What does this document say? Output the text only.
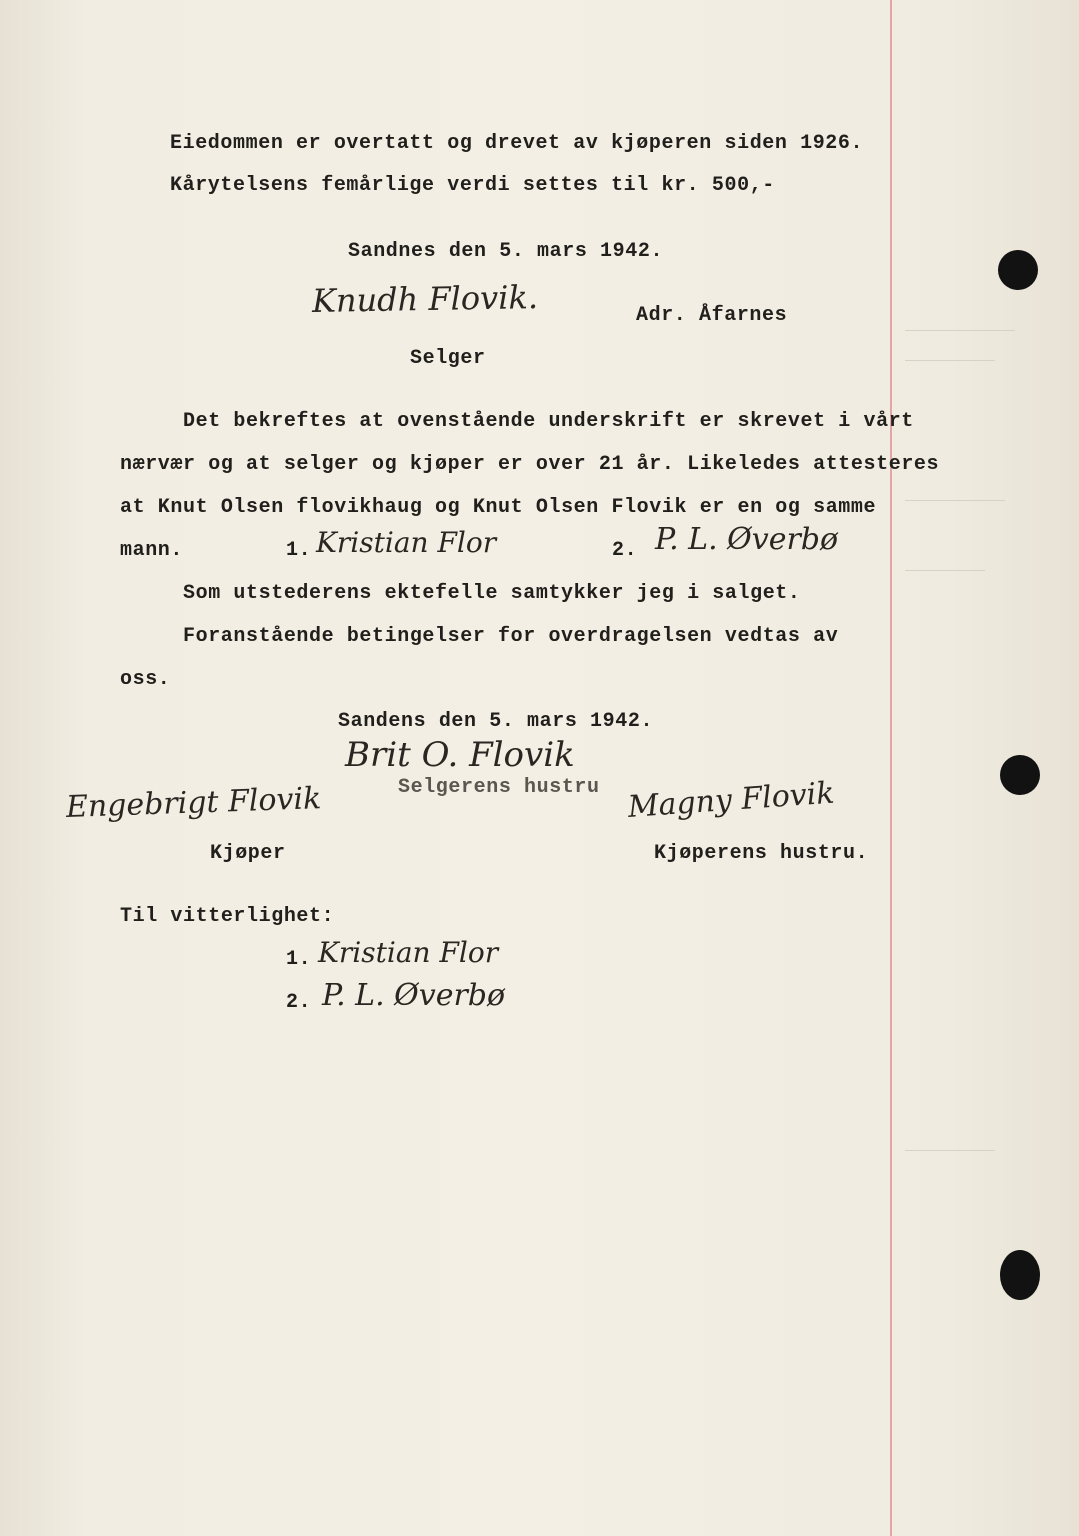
Eiedommen er overtatt og drevet av kjøperen siden 1926.
Kårytelsens femårlige verdi settes til kr. 500,-
Sandnes den 5. mars 1942.
Knudh Flovik.	Adr. Åfarnes
Selger
Det bekreftes at ovenstående underskrift er skrevet i vårt
nærvær og at selger og kjøper er over 21 år. Likeledes attesteres
at Knut Olsen flovikhaug og Knut Olsen Flovik er en og samme
mann.	1. Kristian Flor	2. P. L. Øverbø
Som utstederens ektefelle samtykker jeg i salget.
Foranstående betingelser for overdragelsen vedtas av
oss.
Sandens den 5. mars 1942.
Brit O. Flovik
Selgerens hustru
Engebrigt Flovik	Magny Flovik
Kjøper	Kjøperens hustru.
Til vitterlighet:
1. Kristian Flor
2. P. L. Øverbø
